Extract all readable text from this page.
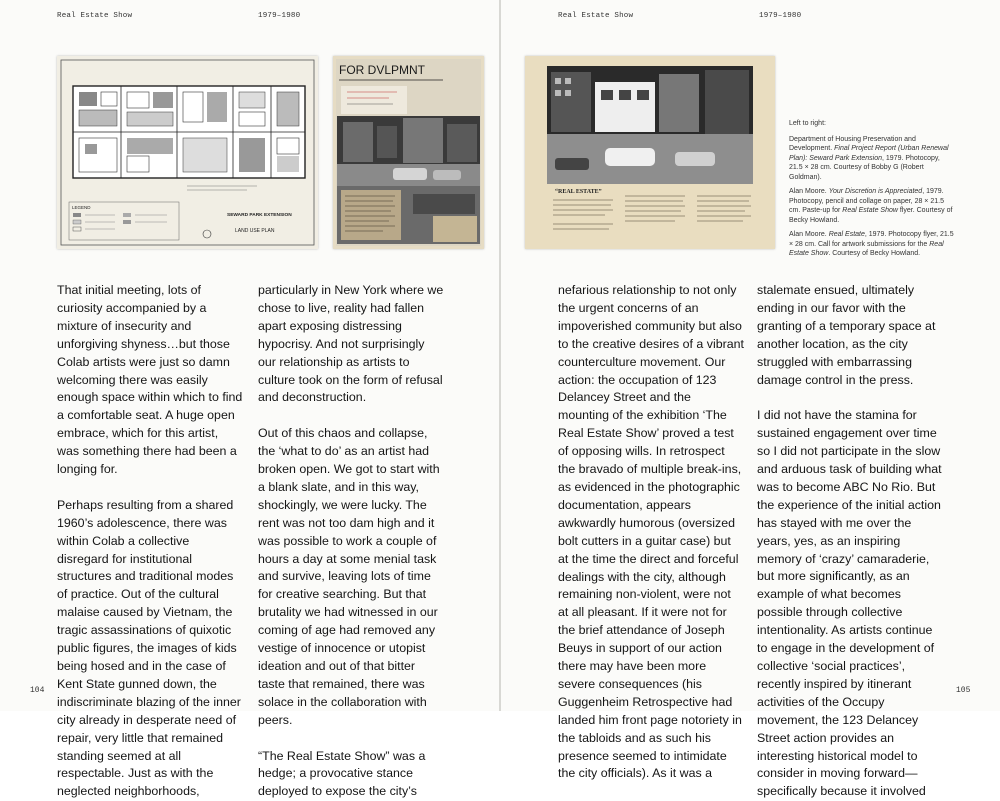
Real Estate Show	1979–1980
LEGEND
SEWARD PARK EXTENSION
LAND USE PLAN
FOR DVLPMNT

That initial meeting, lots of curiosity accompanied by a mixture of insecurity and unforgiving shyness…but those Colab artists were just so damn welcoming there was easily enough space within which to find a comfortable seat. A huge open embrace, which for this artist, was something there had been a longing for.

Perhaps resulting from a shared 1960’s adolescence, there was within Colab a collective disregard for institutional structures and traditional modes of practice. Out of the cultural malaise caused by Vietnam, the tragic assassinations of quixotic public figures, the images of kids being hosed and in the case of Kent State gunned down, the indiscriminate blazing of the inner city already in desperate need of repair, very little that remained standing seemed at all respectable. Just as with the neglected neighborhoods,

particularly in New York where we chose to live, reality had fallen apart exposing distressing hypocrisy. And not surprisingly our relationship as artists to culture took on the form of refusal and deconstruction.

Out of this chaos and collapse, the ‘what to do’ as an artist had broken open. We got to start with a blank slate, and in this way, shockingly, we were lucky. The rent was not too dam high and it was possible to work a couple of hours a day at some menial task and survive, leaving lots of time for creative searching. But that brutality we had witnessed in our coming of age had removed any vestige of innocence or utopist ideation and out of that bitter taste that remained, there was solace in the collaboration with peers.

“The Real Estate Show” was a hedge; a provocative stance deployed to expose the city’s

104
Real Estate Show	1979–1980
“REAL ESTATE”

Left to right:

Department of Housing Preservation and Development. Final Project Report (Urban Renewal Plan): Seward Park Extension, 1979. Photocopy, 21.5 × 28 cm. Courtesy of Bobby G (Robert Goldman).

Alan Moore. Your Discretion is Appreciated, 1979. Photocopy, pencil and collage on paper, 28 × 21.5 cm. Paste-up for Real Estate Show flyer. Courtesy of Becky Howland.

Alan Moore. Real Estate, 1979. Photocopy flyer, 21.5 × 28 cm. Call for artwork submissions for the Real Estate Show. Courtesy of Becky Howland.

nefarious relationship to not only the urgent concerns of an impoverished community but also to the creative desires of a vibrant counterculture movement. Our action: the occupation of 123 Delancey Street and the mounting of the exhibition ‘The Real Estate Show’ proved a test of opposing wills. In retrospect the bravado of multiple break-ins, as evidenced in the photographic documentation, appears awkwardly humorous (oversized bolt cutters in a guitar case) but at the time the direct and forceful dealings with the city, although remaining non-violent, were not at all pleasant. If it were not for the brief attendance of Joseph Beuys in support of our action there may have been more severe consequences (his Guggenheim Retrospective had landed him front page notoriety in the tabloids and as such his presence seemed to intimidate the city officials). As it was a

stalemate ensued, ultimately ending in our favor with the granting of a temporary space at another location, as the city struggled with embarrassing damage control in the press.

I did not have the stamina for sustained engagement over time so I did not participate in the slow and arduous task of building what was to become ABC No Rio. But the experience of the initial action has stayed with me over the years, yes, as an inspiring memory of ‘crazy’ camaraderie, but more significantly, as an example of what becomes possible through collective intentionality. As artists continue to engage in the development of collective ‘social practices’, recently inspired by itinerant activities of the Occupy movement, the 123 Delancey Street action provides an interesting historical model to consider in moving forward—specifically because it involved

105
